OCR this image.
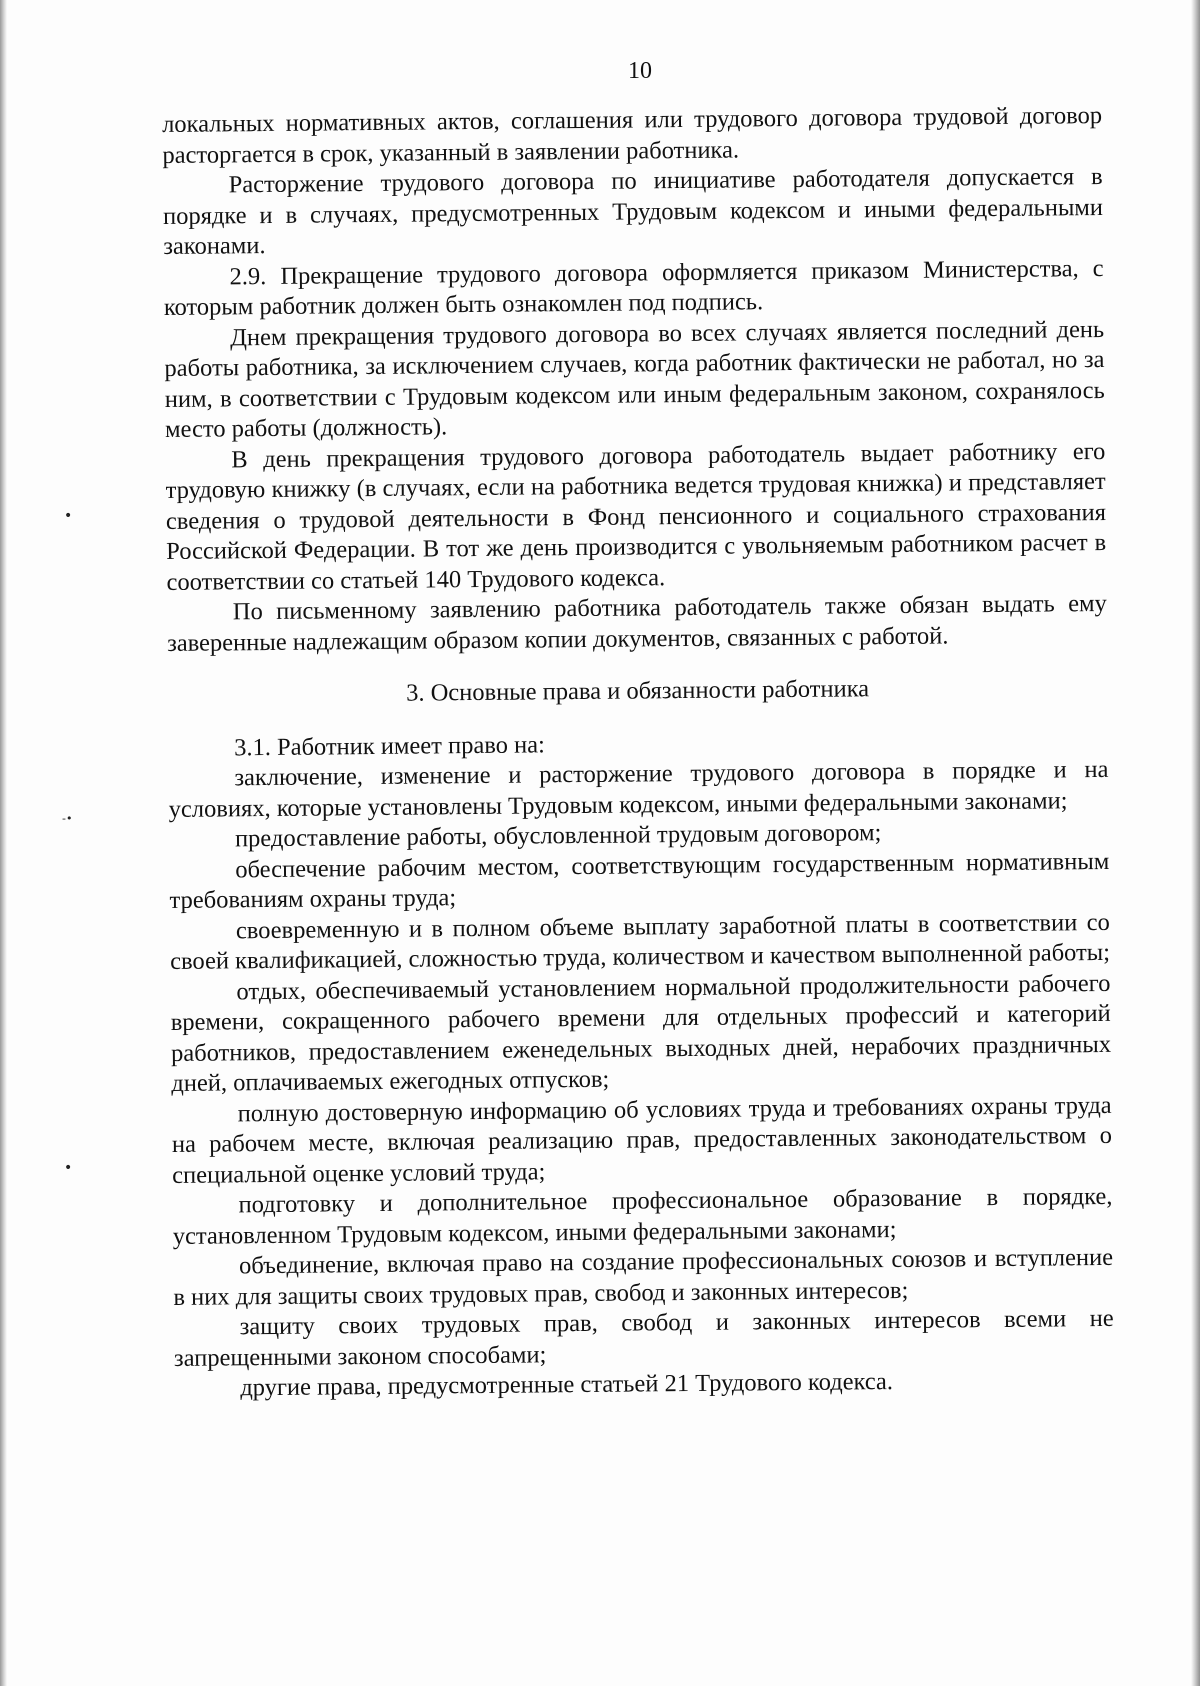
10
•
-•
•

локальных нормативных актов, соглашения или трудового договора трудовой договор расторгается в срок, указанный в заявлении работника.

Расторжение трудового договора по инициативе работодателя допускается в порядке и в случаях, предусмотренных Трудовым кодексом и иными федеральными законами.

2.9. Прекращение трудового договора оформляется приказом Министерства, с которым работник должен быть ознакомлен под подпись.

Днем прекращения трудового договора во всех случаях является последний день работы работника, за исключением случаев, когда работник фактически не работал, но за ним, в соответствии с Трудовым кодексом или иным федеральным законом, сохранялось место работы (должность).

В день прекращения трудового договора работодатель выдает работнику его трудовую книжку (в случаях, если на работника ведется трудовая книжка) и представляет сведения о трудовой деятельности в Фонд пенсионного и социального страхования Российской Федерации. В тот же день производится с увольняемым работником расчет в соответствии со статьей 140 Трудового кодекса.

По письменному заявлению работника работодатель также обязан выдать ему заверенные надлежащим образом копии документов, связанных с работой.

3. Основные права и обязанности работника

3.1. Работник имеет право на:

заключение, изменение и расторжение трудового договора в порядке и на условиях, которые установлены Трудовым кодексом, иными федеральными законами;

предоставление работы, обусловленной трудовым договором;

обеспечение рабочим местом, соответствующим государственным нормативным требованиям охраны труда;

своевременную и в полном объеме выплату заработной платы в соответствии со своей квалификацией, сложностью труда, количеством и качеством выполненной работы;

отдых, обеспечиваемый установлением нормальной продолжительности рабочего времени, сокращенного рабочего времени для отдельных профессий и категорий работников, предоставлением еженедельных выходных дней, нерабочих праздничных дней, оплачиваемых ежегодных отпусков;

полную достоверную информацию об условиях труда и требованиях охраны труда на рабочем месте, включая реализацию прав, предоставленных законодательством о специальной оценке условий труда;

подготовку и дополнительное профессиональное образование в порядке, установленном Трудовым кодексом, иными федеральными законами;

объединение, включая право на создание профессиональных союзов и вступление в них для защиты своих трудовых прав, свобод и законных интересов;

защиту своих трудовых прав, свобод и законных интересов всеми не запрещенными законом способами;

другие права, предусмотренные статьей 21 Трудового кодекса.
